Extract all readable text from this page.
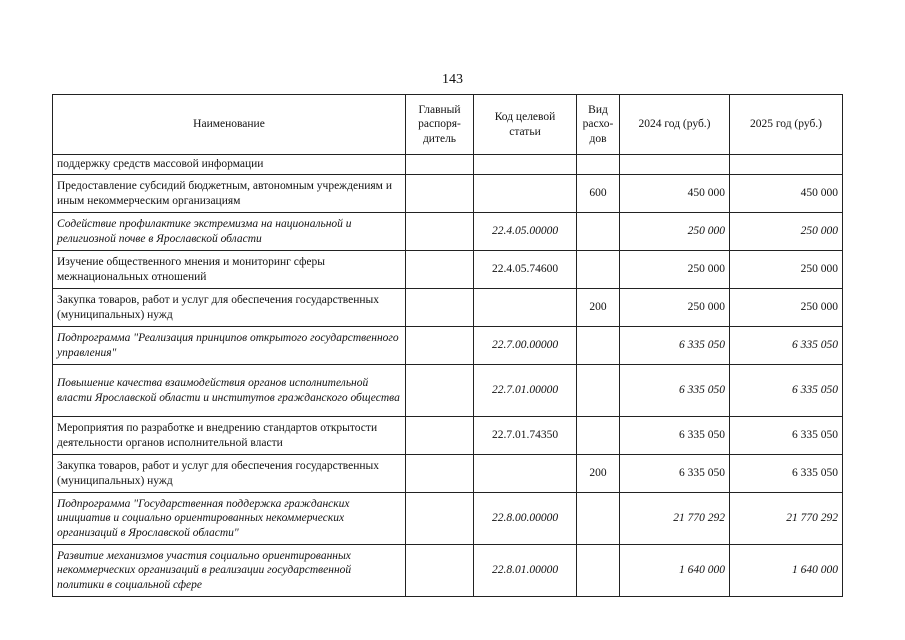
143
Наименование	Главный распоря-дитель	Код целевой статьи	Вид расхо-дов	2024 год (руб.)	2025 год (руб.)
поддержку средств массовой информации					
Предоставление субсидий бюджетным, автономным учреждениям и иным некоммерческим организациям			600	450 000	450 000
Содействие профилактике экстремизма на национальной и религиозной почве в Ярославской области		22.4.05.00000		250 000	250 000
Изучение общественного мнения и мониторинг сферы межнациональных отношений		22.4.05.74600		250 000	250 000
Закупка товаров, работ и услуг для обеспечения государственных (муниципальных) нужд			200	250 000	250 000
Подпрограмма "Реализация принципов открытого государственного управления"		22.7.00.00000		6 335 050	6 335 050
Повышение качества взаимодействия органов исполнительной власти Ярославской области и институтов гражданского общества		22.7.01.00000		6 335 050	6 335 050
Мероприятия по разработке и внедрению стандартов открытости деятельности органов исполнительной власти		22.7.01.74350		6 335 050	6 335 050
Закупка товаров, работ и услуг для обеспечения государственных (муниципальных) нужд			200	6 335 050	6 335 050
Подпрограмма "Государственная поддержка гражданских инициатив и социально ориентированных некоммерческих организаций в Ярославской области"		22.8.00.00000		21 770 292	21 770 292
Развитие механизмов участия социально ориентированных некоммерческих организаций в реализации государственной политики в социальной сфере		22.8.01.00000		1 640 000	1 640 000
